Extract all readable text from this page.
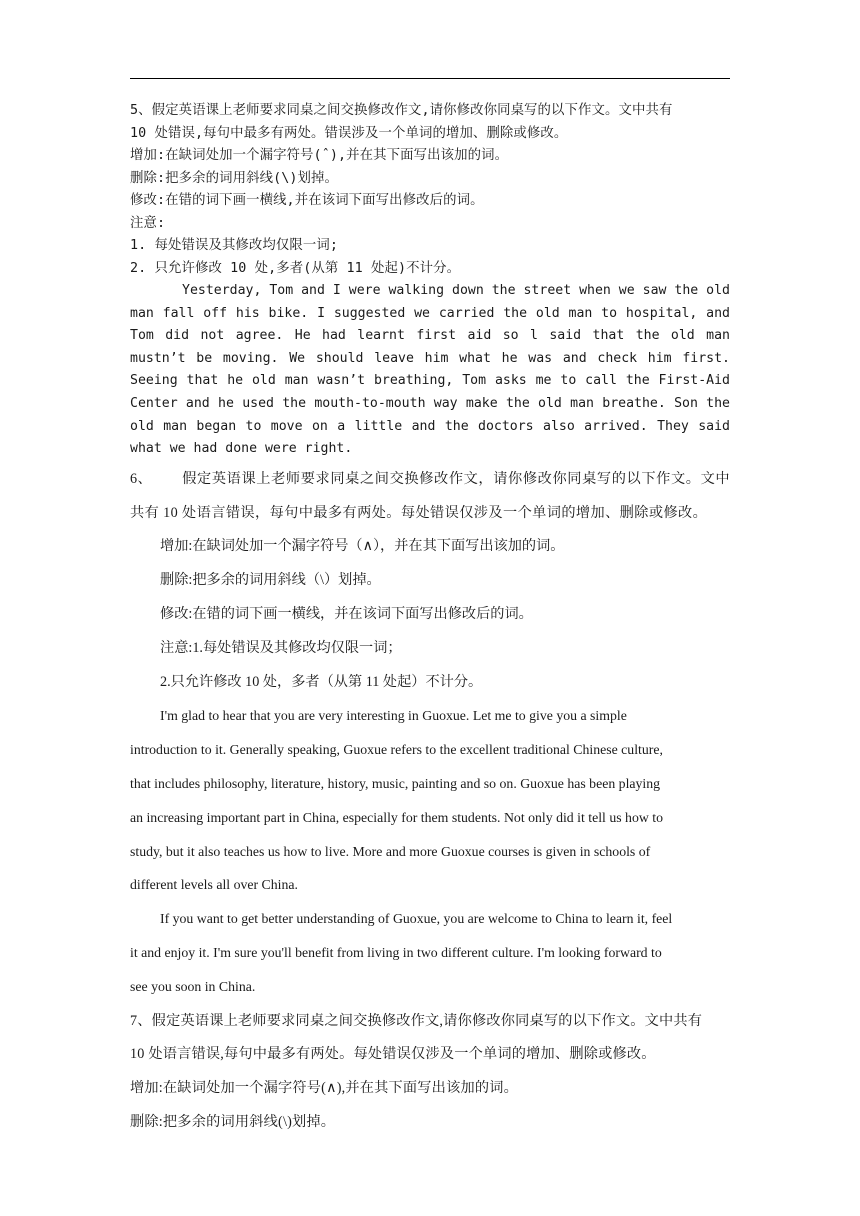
5、假定英语课上老师要求同桌之间交换修改作文,请你修改你同桌写的以下作文。文中共有

10 处错误,每句中最多有两处。错误涉及一个单词的增加、删除或修改。

增加:在缺词处加一个漏字符号(ˆ),并在其下面写出该加的词。

删除:把多余的词用斜线(\)划掉。

修改:在错的词下画一横线,并在该词下面写出修改后的词。

注意:

1. 每处错误及其修改均仅限一词;

2. 只允许修改 10 处,多者(从第 11 处起)不计分。

Yesterday, Tom and I were walking down the street when we saw the old man fall off his bike. I suggested we carried the old man to hospital, and Tom did not agree. He had learnt first aid so l said that the old man mustn’t be moving. We should leave him what he was and check him first. Seeing that he old man wasn’t breathing, Tom asks me to call the First-Aid Center and he used the mouth-to-mouth way make the old man breathe. Son the old man began to move on a little and the doctors also arrived. They said what we had done were right.

6、 假定英语课上老师要求同桌之间交换修改作文，请你修改你同桌写的以下作文。文中共有 10 处语言错误，每句中最多有两处。每处错误仅涉及一个单词的增加、删除或修改。

增加:在缺词处加一个漏字符号（∧），并在其下面写出该加的词。

删除:把多余的词用斜线（\）划掉。

修改:在错的词下画一横线，并在该词下面写出修改后的词。

注意:1.每处错误及其修改均仅限一词；

2.只允许修改 10 处，多者（从第 11 处起）不计分。

I'm glad to hear that you are very interesting in Guoxue. Let me to give you a simple

introduction to it. Generally speaking, Guoxue refers to the excellent traditional Chinese culture,

that includes philosophy, literature, history, music, painting and so on. Guoxue has been playing

an increasing important part in China, especially for them students. Not only did it tell us how to

study, but it also teaches us how to live. More and more Guoxue courses is given in schools of

different levels all over China.

If you want to get better understanding of Guoxue, you are welcome to China to learn it, feel

it and enjoy it. I'm sure you'll benefit from living in two different culture. I'm looking forward to

see you soon in China.

7、假定英语课上老师要求同桌之间交换修改作文,请你修改你同桌写的以下作文。文中共有

10 处语言错误,每句中最多有两处。每处错误仅涉及一个单词的增加、删除或修改。

增加:在缺词处加一个漏字符号(∧),并在其下面写出该加的词。

删除:把多余的词用斜线(\)划掉。
